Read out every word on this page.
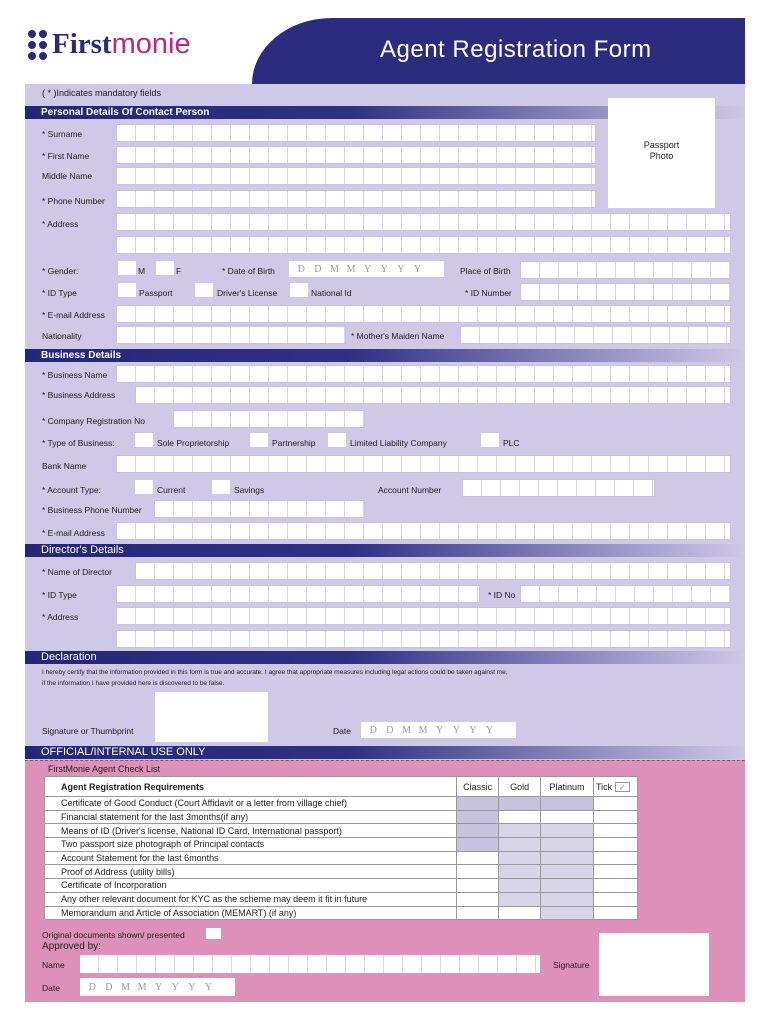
First monie	Agent Registration Form
( * )Indicates mandatory fields
Personal Details Of Contact Person
Passport
Photo
* Surname
* First Name
Middle Name
* Phone Number
* Address
* Gender:	M	F	* Date of Birth	D D M M Y Y Y Y	Place of Birth
* ID Type	Passport	Driver's License	National Id	* ID Number
* E-mail Address
Nationality	* Mother's Maiden Name
Business Details
* Business Name
* Business Address
* Company Registration No
* Type of Business:	Sole Proprietorship	Partnership	Limited Liability Company	PLC
Bank Name
* Account Type:	Current	Savings	Account Number
* Business Phone Number
* E-mail Address
Director's Details
* Name of Director
* ID Type	* ID No
* Address
Declaration
I hereby certify that the information provided in this form is true and accurate. I agree that appropriate measures including legal actions could be taken against me,
if the information I have provided here is discovered to be false.
Signature or Thumbprint	Date	D D M M Y Y Y Y
OFFICIAL/INTERNAL USE ONLY
FirstMonie Agent Check List
Agent Registration Requirements	Classic	Gold	Platinum	Tick ✓
Certificate of Good Conduct (Court Affidavit or a letter from village chief)				
Financial statement for the last 3months(if any)				
Means of ID (Driver's license, National ID Card, International passport)				
Two passport size photograph of Principal contacts				
Account Statement for the last 6months				
Proof of Address (utility bills)				
Certificate of Incorporation				
Any other relevant document for KYC as the scheme may deem it fit in future				
Memorandum and Article of Association (MEMART) (if any)				
Original documents shown/ presented
Approved by:
Name	Signature
Date	D D M M Y Y Y Y
